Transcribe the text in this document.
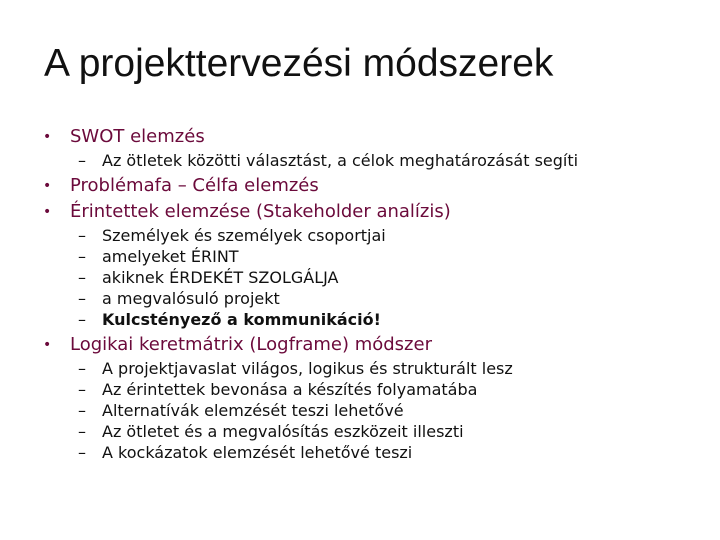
A projekttervezési módszerek
• SWOT elemzés
– Az ötletek közötti választást, a célok meghatározását segíti
• Problémafa – Célfa elemzés
• Érintettek elemzése (Stakeholder analízis)
– Személyek és személyek csoportjai
– amelyeket ÉRINT
– akiknek ÉRDEKÉT SZOLGÁLJA
– a megvalósuló projekt
– Kulcstényező a kommunikáció!
• Logikai keretmátrix (Logframe) módszer
– A projektjavaslat világos, logikus és strukturált lesz
– Az érintettek bevonása a készítés folyamatába
– Alternatívák elemzését teszi lehetővé
– Az ötletet és a megvalósítás eszközeit illeszti
– A kockázatok elemzését lehetővé teszi
